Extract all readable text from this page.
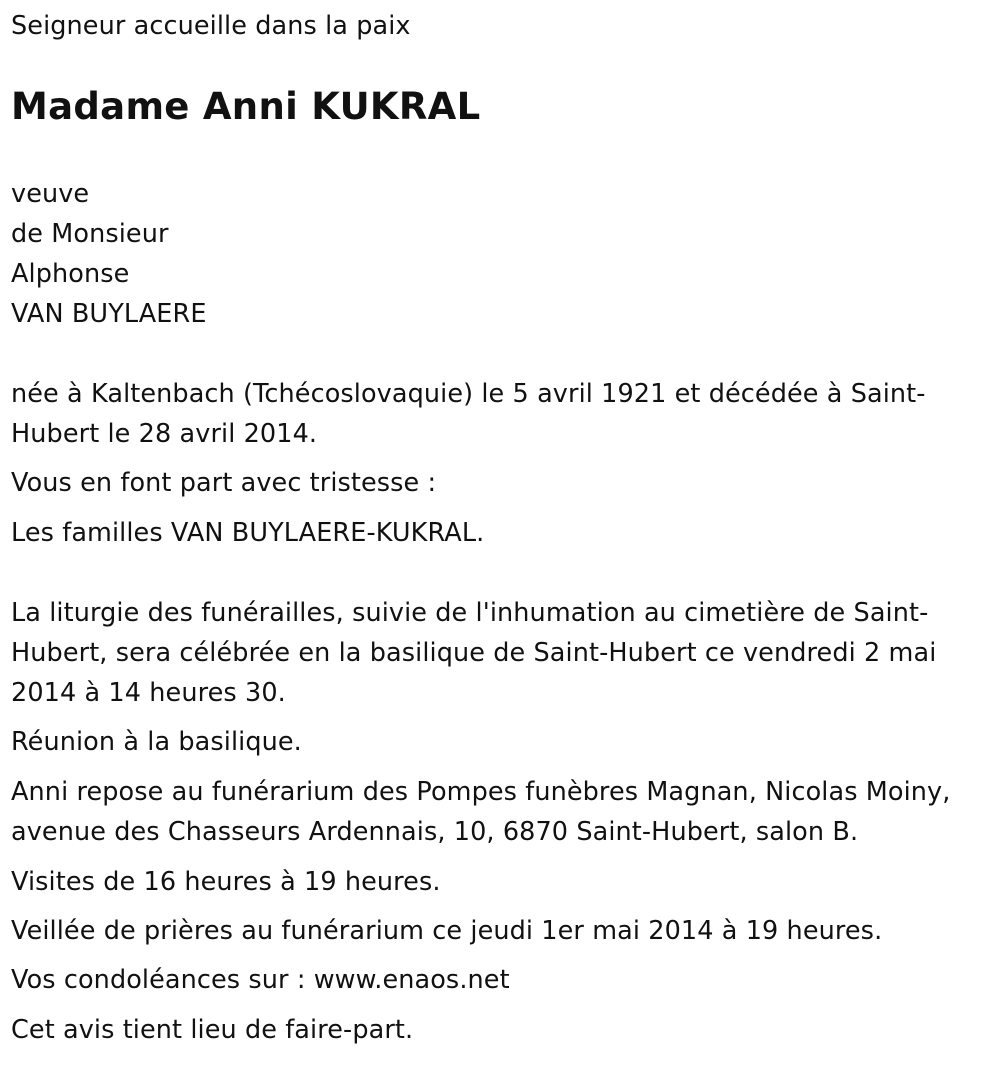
Seigneur accueille dans la paix
Madame Anni KUKRAL
veuve
de Monsieur
Alphonse
VAN BUYLAERE
née à Kaltenbach (Tchécoslovaquie) le 5 avril 1921 et décédée à Saint-
Hubert le 28 avril 2014.
Vous en font part avec tristesse :
Les familles VAN BUYLAERE-KUKRAL.
La liturgie des funérailles, suivie de l'inhumation au cimetière de Saint-
Hubert, sera célébrée en la basilique de Saint-Hubert ce vendredi 2 mai
2014 à 14 heures 30.
Réunion à la basilique.
Anni repose au funérarium des Pompes funèbres Magnan, Nicolas Moiny,
avenue des Chasseurs Ardennais, 10, 6870 Saint-Hubert, salon B.
Visites de 16 heures à 19 heures.
Veillée de prières au funérarium ce jeudi 1er mai 2014 à 19 heures.
Vos condoléances sur : www.enaos.net
Cet avis tient lieu de faire-part.
